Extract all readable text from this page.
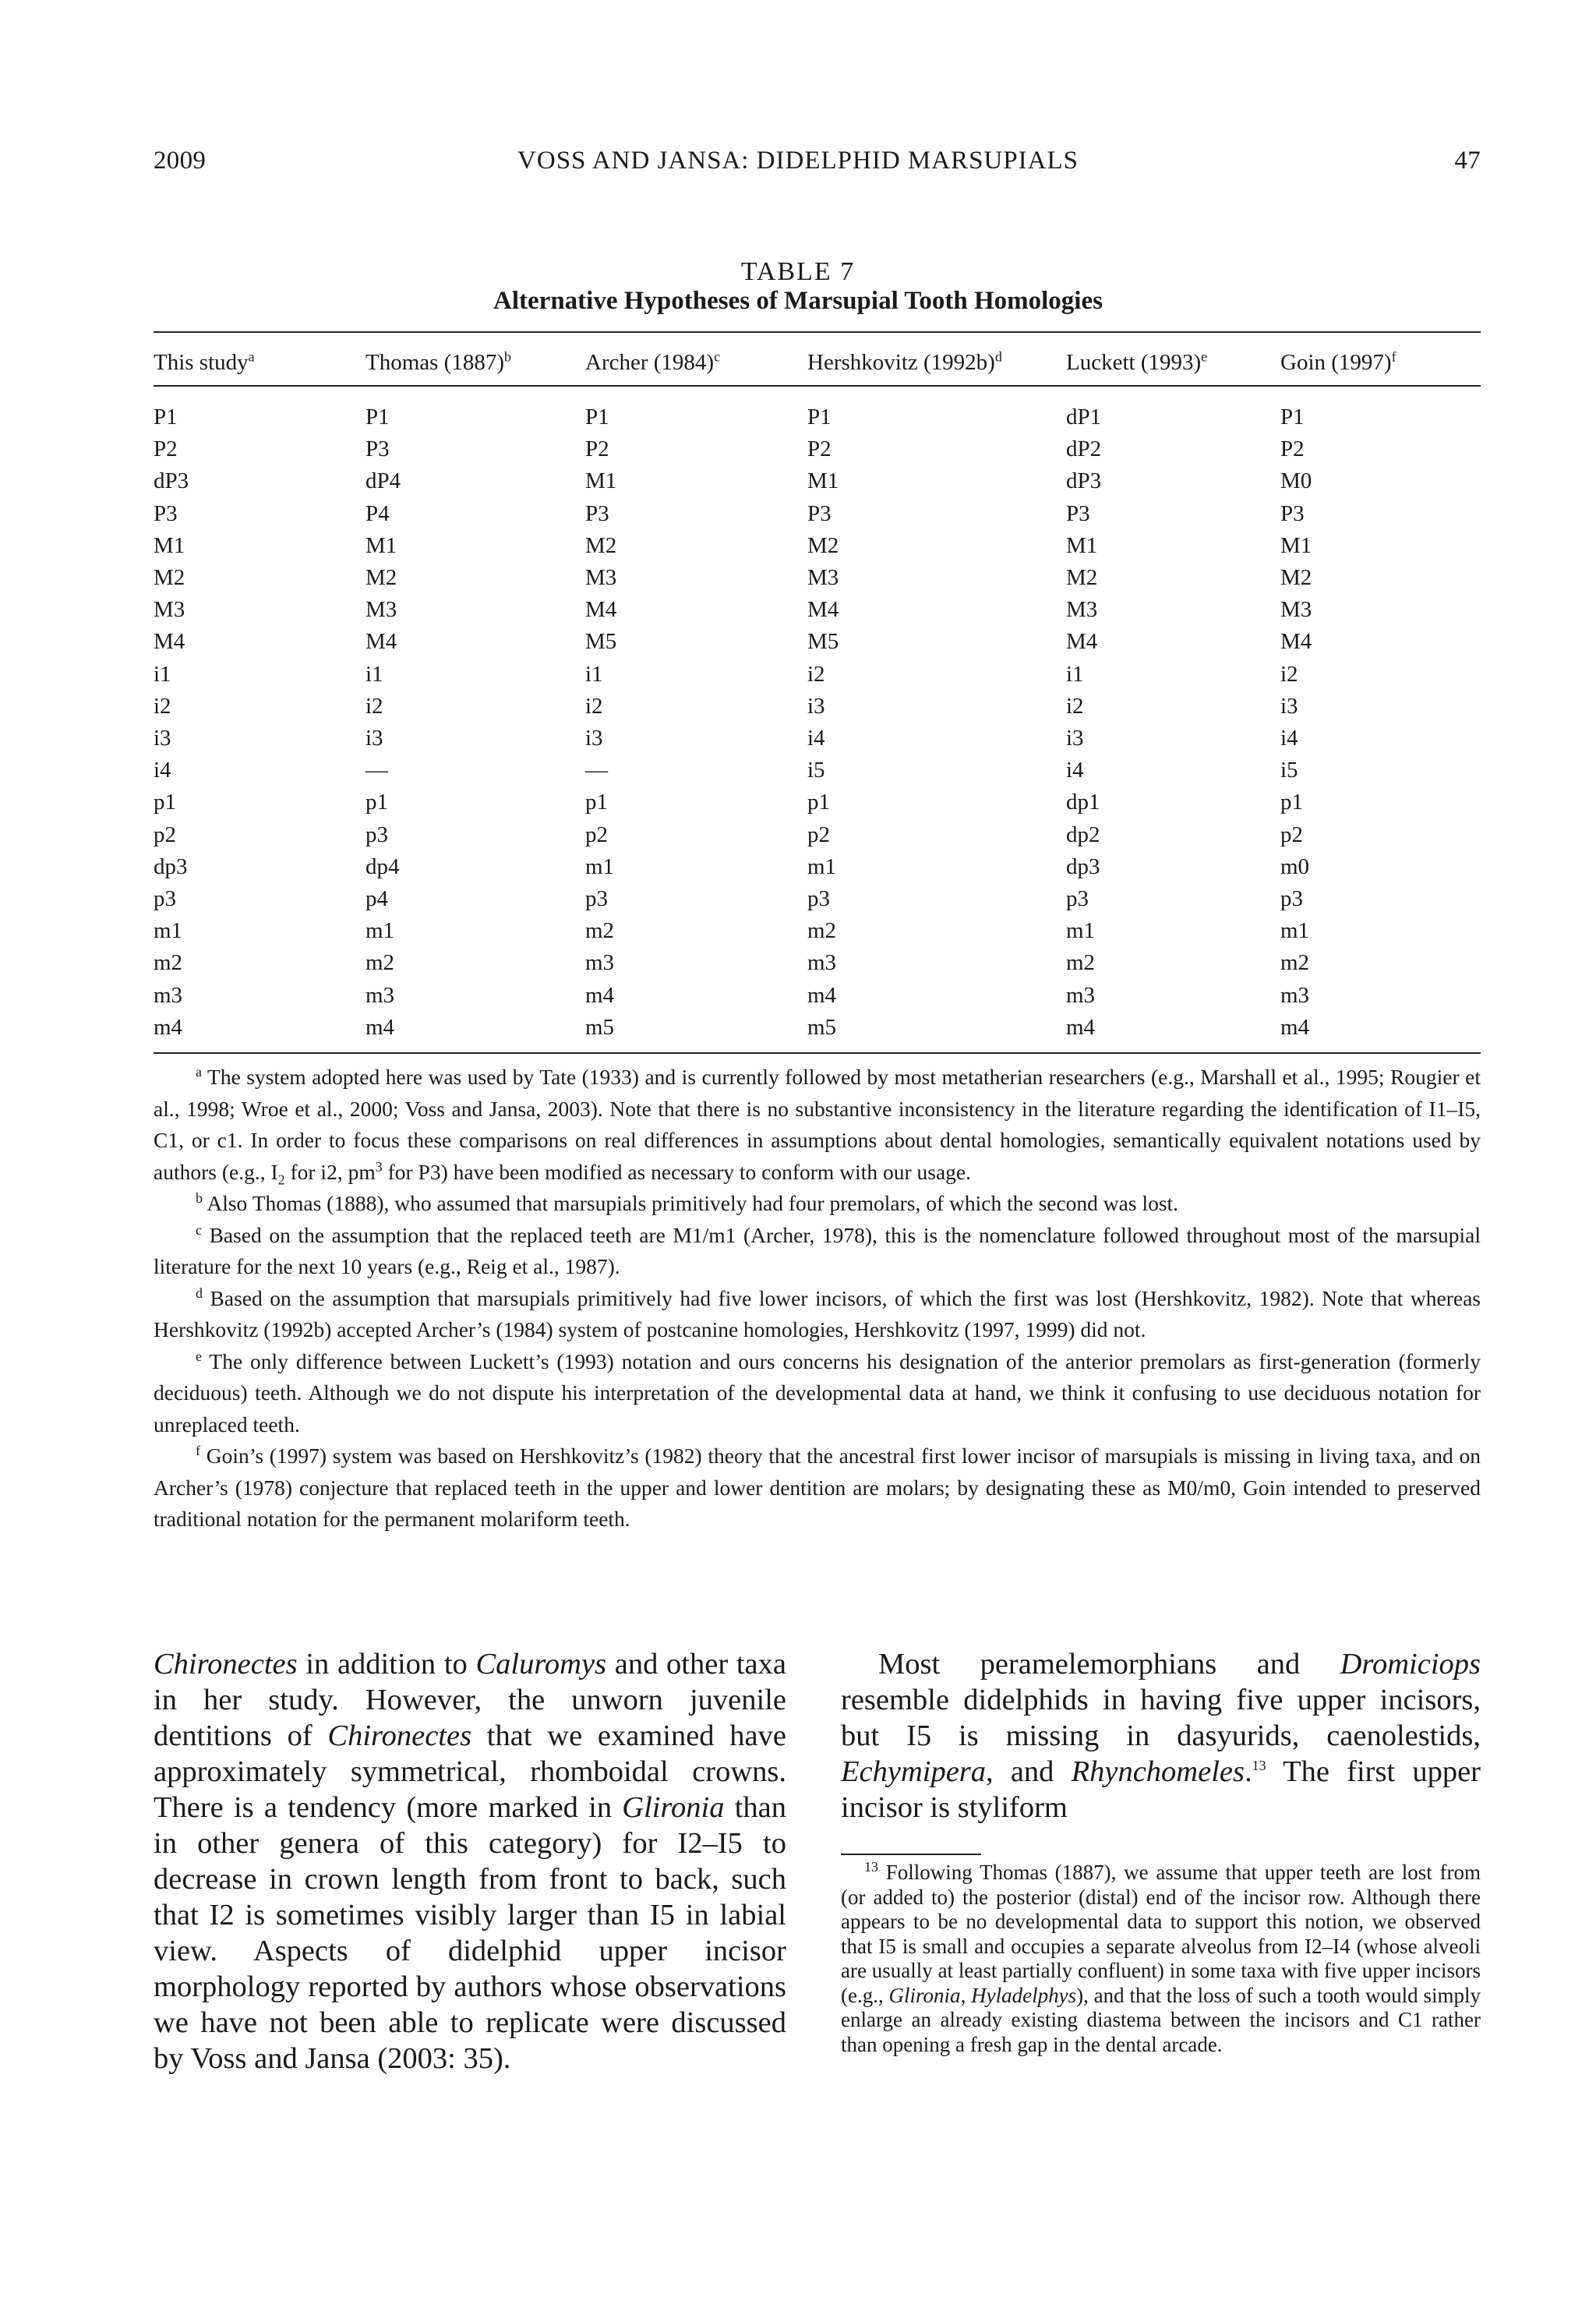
2009	VOSS AND JANSA: DIDELPHID MARSUPIALS	47
TABLE 7
Alternative Hypotheses of Marsupial Tooth Homologies
This study$^a$	Thomas $(1887)^b$	Archer $(1984)^c$	Hershkovitz $(1992b)^d$	Luckett $(1993)^e$	Goin $(1997)^f$
P1	P1	P1	P1	dP1	P1
P2	P3	P2	P2	dP2	P2
dP3	dP4	M1	M1	dP3	M0
P3	P4	P3	P3	P3	P3
M1	M1	M2	M2	M1	M1
M2	M2	M3	M3	M2	M2
M3	M3	M4	M4	M3	M3
M4	M4	M5	M5	M4	M4
i1	i1	i1	i2	i1	i2
i2	i2	i2	i3	i2	i3
i3	i3	i3	i4	i3	i4
i4	—	—	i5	i4	i5
p1	p1	p1	p1	dp1	p1
p2	p3	p2	p2	dp2	p2
dp3	dp4	m1	m1	dp3	m0
p3	p4	p3	p3	p3	p3
m1	m1	m2	m2	m1	m1
m2	m2	m3	m3	m2	m2
m3	m3	m4	m4	m3	m3
m4	m4	m5	m5	m4	m4

$^a$ The system adopted here was used by Tate (1933) and is currently followed by most metatherian researchers (e.g., Marshall et al., 1995; Rougier et al., 1998; Wroe et al., 2000; Voss and Jansa, 2003). Note that there is no substantive inconsistency in the literature regarding the identification of I1–I5, C1, or c1. In order to focus these comparisons on real differences in assumptions about dental homologies, semantically equivalent notations used by authors (e.g., $I_2$ for i2, $pm^3$ for P3) have been modified as necessary to conform with our usage.

$^b$ Also Thomas (1888), who assumed that marsupials primitively had four premolars, of which the second was lost.

$^c$ Based on the assumption that the replaced teeth are M1/m1 (Archer, 1978), this is the nomenclature followed throughout most of the marsupial literature for the next 10 years (e.g., Reig et al., 1987).

$^d$ Based on the assumption that marsupials primitively had five lower incisors, of which the first was lost (Hershkovitz, 1982). Note that whereas Hershkovitz (1992b) accepted Archer’s (1984) system of postcanine homologies, Hershkovitz (1997, 1999) did not.

$^e$ The only difference between Luckett’s (1993) notation and ours concerns his designation of the anterior premolars as first-generation (formerly deciduous) teeth. Although we do not dispute his interpretation of the developmental data at hand, we think it confusing to use deciduous notation for unreplaced teeth.

$^f$ Goin’s (1997) system was based on Hershkovitz’s (1982) theory that the ancestral first lower incisor of marsupials is missing in living taxa, and on Archer’s (1978) conjecture that replaced teeth in the upper and lower dentition are molars; by designating these as M0/m0, Goin intended to preserved traditional notation for the permanent molariform teeth.

Chironectes in addition to Caluromys and other taxa in her study. However, the unworn juvenile dentitions of Chironectes that we examined have approximately symmetrical, rhomboidal crowns. There is a tendency (more marked in Glironia than in other genera of this category) for I2–I5 to decrease in crown length from front to back, such that I2 is sometimes visibly larger than I5 in labial view. Aspects of didelphid upper incisor morphology reported by authors whose observations we have not been able to replicate were discussed by Voss and Jansa (2003: 35).

Most peramelemorphians and Dromiciops resemble didelphids in having five upper incisors, but I5 is missing in dasyurids, caenolestids, Echymipera, and Rhynchomeles.$^{13}$ The first upper incisor is styliform

$^{13}$ Following Thomas (1887), we assume that upper teeth are lost from (or added to) the posterior (distal) end of the incisor row. Although there appears to be no developmental data to support this notion, we observed that I5 is small and occupies a separate alveolus from I2–I4 (whose alveoli are usually at least partially confluent) in some taxa with five upper incisors (e.g., Glironia, Hyladelphys), and that the loss of such a tooth would simply enlarge an already existing diastema between the incisors and C1 rather than opening a fresh gap in the dental arcade.
